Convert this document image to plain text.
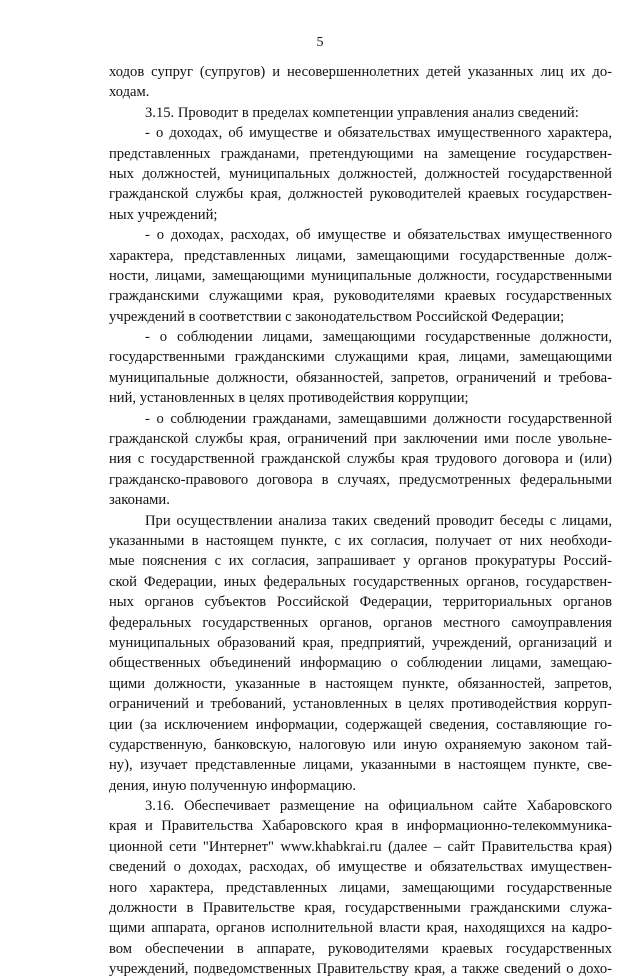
5
ходов супруг (супругов) и несовершеннолетних детей указанных лиц их до-
ходам.
3.15. Проводит в пределах компетенции управления анализ сведений:
- о доходах, об имуществе и обязательствах имущественного характера,
представленных гражданами, претендующими на замещение государствен-
ных должностей, муниципальных должностей, должностей государственной
гражданской службы края, должностей руководителей краевых государствен-
ных учреждений;
- о доходах, расходах, об имуществе и обязательствах имущественного
характера, представленных лицами, замещающими государственные долж-
ности, лицами, замещающими муниципальные должности, государственными
гражданскими служащими края, руководителями краевых государственных
учреждений в соответствии с законодательством Российской Федерации;
- о соблюдении лицами, замещающими государственные должности,
государственными гражданскими служащими края, лицами, замещающими
муниципальные должности, обязанностей, запретов, ограничений и требова-
ний, установленных в целях противодействия коррупции;
- о соблюдении гражданами, замещавшими должности государственной
гражданской службы края, ограничений при заключении ими после увольне-
ния с государственной гражданской службы края трудового договора и (или)
гражданско-правового договора в случаях, предусмотренных федеральными
законами.
При осуществлении анализа таких сведений проводит беседы с лицами,
указанными в настоящем пункте, с их согласия, получает от них необходи-
мые пояснения с их согласия, запрашивает у органов прокуратуры Россий-
ской Федерации, иных федеральных государственных органов, государствен-
ных органов субъектов Российской Федерации, территориальных органов
федеральных государственных органов, органов местного самоуправления
муниципальных образований края, предприятий, учреждений, организаций и
общественных объединений информацию о соблюдении лицами, замещаю-
щими должности, указанные в настоящем пункте, обязанностей, запретов,
ограничений и требований, установленных в целях противодействия корруп-
ции (за исключением информации, содержащей сведения, составляющие го-
сударственную, банковскую, налоговую или иную охраняемую законом тай-
ну), изучает представленные лицами, указанными в настоящем пункте, све-
дения, иную полученную информацию.
3.16. Обеспечивает размещение на официальном сайте Хабаровского
края и Правительства Хабаровского края в информационно-телекоммуника-
ционной сети "Интернет" www.khabkrai.ru (далее – сайт Правительства края)
сведений о доходах, расходах, об имуществе и обязательствах имуществен-
ного характера, представленных лицами, замещающими государственные
должности в Правительстве края, государственными гражданскими служа-
щими аппарата, органов исполнительной власти края, находящихся на кадро-
вом обеспечении в аппарате, руководителями краевых государственных
учреждений, подведомственных Правительству края, а также сведений о дохо-
